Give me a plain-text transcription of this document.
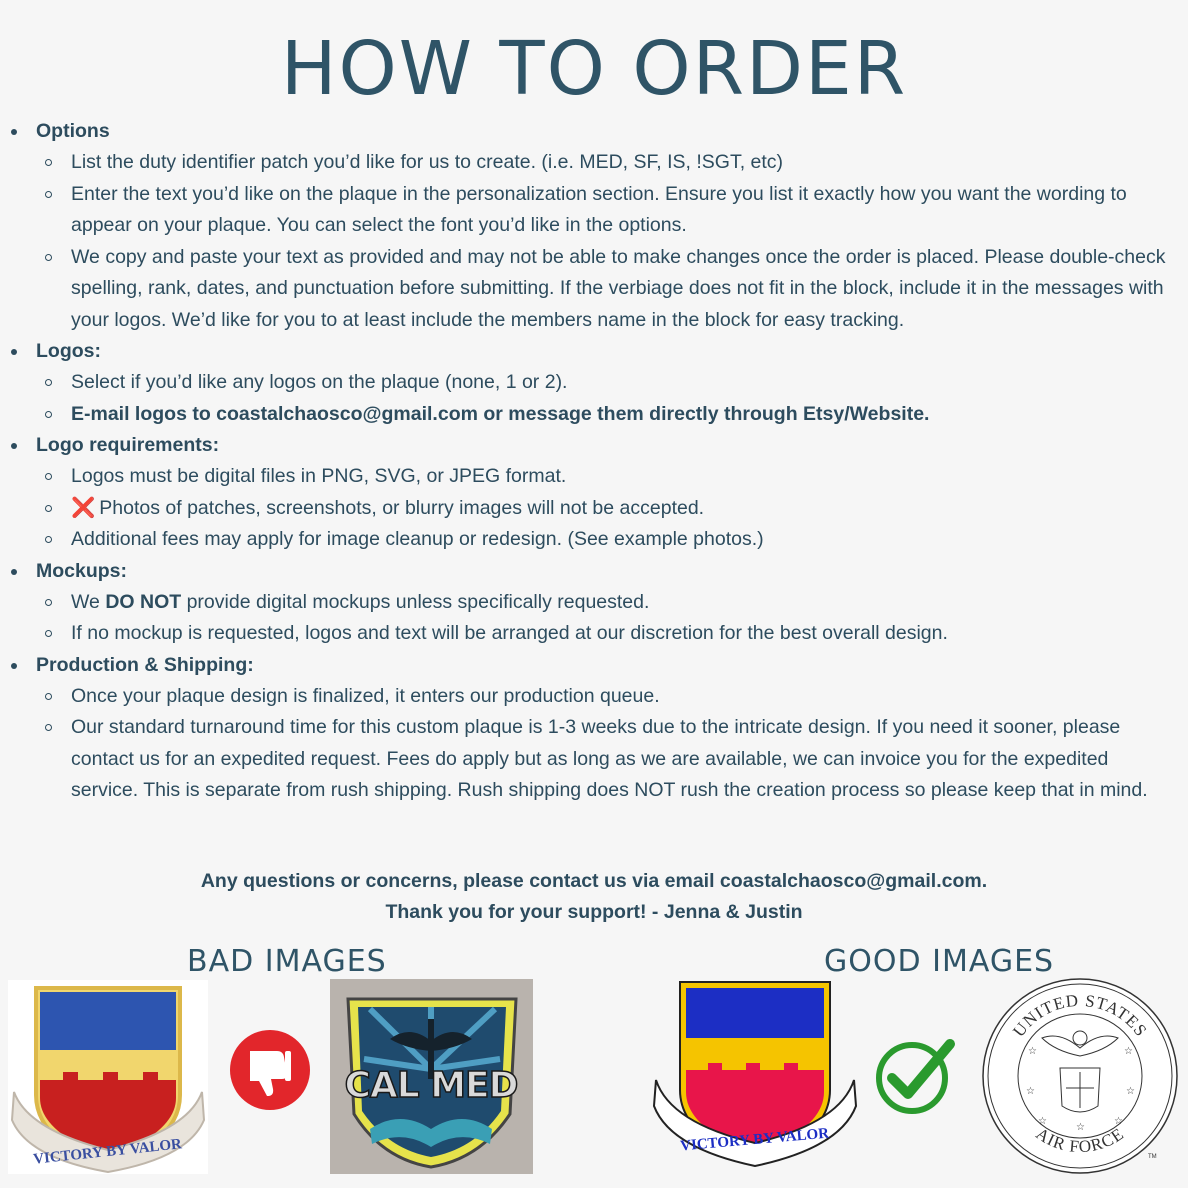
HOW TO ORDER
Options
List the duty identifier patch you’d like for us to create. (i.e. MED, SF, IS, !SGT, etc)
Enter the text you’d like on the plaque in the personalization section. Ensure you list it exactly how you want the wording to appear on your plaque. You can select the font you’d like in the options.
We copy and paste your text as provided and may not be able to make changes once the order is placed. Please double-check spelling, rank, dates, and punctuation before submitting. If the verbiage does not fit in the block, include it in the messages with your logos. We’d like for you to at least include the members name in the block for easy tracking.
Logos:
Select if you’d like any logos on the plaque (none, 1 or 2).
E-mail logos to coastalchaosco@gmail.com or message them directly through Etsy/Website.
Logo requirements:
Logos must be digital files in PNG, SVG, or JPEG format.
❌ Photos of patches, screenshots, or blurry images will not be accepted.
Additional fees may apply for image cleanup or redesign. (See example photos.)
Mockups:
We DO NOT provide digital mockups unless specifically requested.
If no mockup is requested, logos and text will be arranged at our discretion for the best overall design.
Production & Shipping:
Once your plaque design is finalized, it enters our production queue.
Our standard turnaround time for this custom plaque is 1-3 weeks due to the intricate design. If you need it sooner, please contact us for an expedited request. Fees do apply but as long as we are available, we can invoice you for the expedited service. This is separate from rush shipping. Rush shipping does NOT rush the creation process so please keep that in mind.
Any questions or concerns, please contact us via email coastalchaosco@gmail.com.
Thank you for your support! - Jenna & Justin
BAD IMAGES	GOOD IMAGES
VICTORY BY VALOR
CAL MED
VICTORY BY VALOR
UNITED STATES
AIR FORCE
☆
☆
☆
☆
☆
☆
☆
TM
